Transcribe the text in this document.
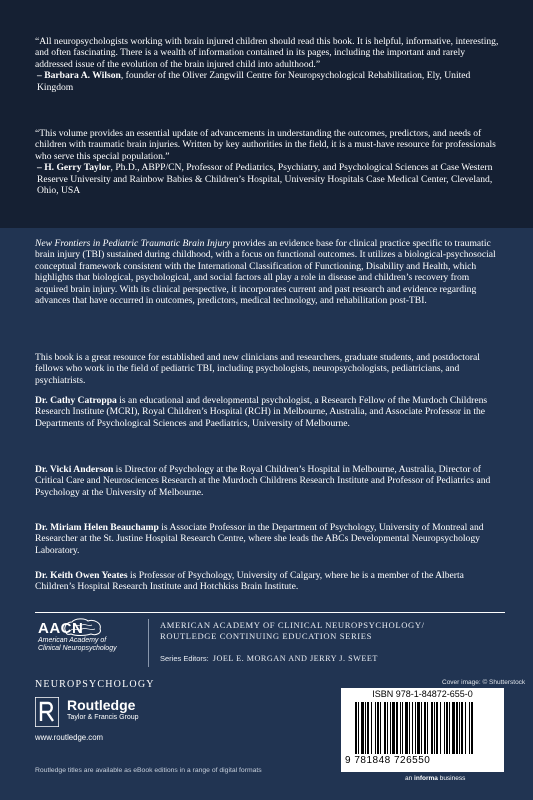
“All neuropsychologists working with brain injured children should read this book. It is helpful, informative, interesting, and often fascinating. There is a wealth of information contained in its pages, including the important and rarely addressed issue of the evolution of the brain injured child into adulthood.”

– Barbara A. Wilson, founder of the Oliver Zangwill Centre for Neuropsychological Rehabilitation, Ely, United Kingdom

“This volume provides an essential update of advancements in understanding the outcomes, predictors, and needs of children with traumatic brain injuries. Written by key authorities in the field, it is a must-have resource for professionals who serve this special population.”

– H. Gerry Taylor, Ph.D., ABPP/CN, Professor of Pediatrics, Psychiatry, and Psychological Sciences at Case Western Reserve University and Rainbow Babies & Children’s Hospital, University Hospitals Case Medical Center, Cleveland, Ohio, USA

New Frontiers in Pediatric Traumatic Brain Injury provides an evidence base for clinical practice specific to traumatic brain injury (TBI) sustained during childhood, with a focus on functional outcomes. It utilizes a biological-psychosocial conceptual framework consistent with the International Classification of Functioning, Disability and Health, which highlights that biological, psychological, and social factors all play a role in disease and children’s recovery from acquired brain injury. With its clinical perspective, it incorporates current and past research and evidence regarding advances that have occurred in outcomes, predictors, medical technology, and rehabilitation post-TBI.

This book is a great resource for established and new clinicians and researchers, graduate students, and postdoctoral fellows who work in the field of pediatric TBI, including psychologists, neuropsychologists, pediatricians, and psychiatrists.

Dr. Cathy Catroppa is an educational and developmental psychologist, a Research Fellow of the Murdoch Childrens Research Institute (MCRI), Royal Children’s Hospital (RCH) in Melbourne, Australia, and Associate Professor in the Departments of Psychological Sciences and Paediatrics, University of Melbourne.
Dr. Vicki Anderson is Director of Psychology at the Royal Children’s Hospital in Melbourne, Australia, Director of Critical Care and Neurosciences Research at the Murdoch Childrens Research Institute and Professor of Pediatrics and Psychology at the University of Melbourne.
Dr. Miriam Helen Beauchamp is Associate Professor in the Department of Psychology, University of Montreal and Researcher at the St. Justine Hospital Research Centre, where she leads the ABCs Developmental Neuropsychology Laboratory.
Dr. Keith Owen Yeates is Professor of Psychology, University of Calgary, where he is a member of the Alberta Children’s Hospital Research Institute and Hotchkiss Brain Institute.
AACN
American Academy of
Clinical Neuropsychology
AMERICAN ACADEMY OF CLINICAL NEUROPSYCHOLOGY/
ROUTLEDGE CONTINUING EDUCATION SERIES
Series Editors: JOEL E. MORGAN AND JERRY J. SWEET
NEUROPSYCHOLOGY	Cover image: © Shutterstock
Routledge
Taylor & Francis Group
www.routledge.com
Routledge titles are available as eBook editions in a range of digital formats
ISBN 978-1-84872-655-0
9 781848 726550
an informa business
